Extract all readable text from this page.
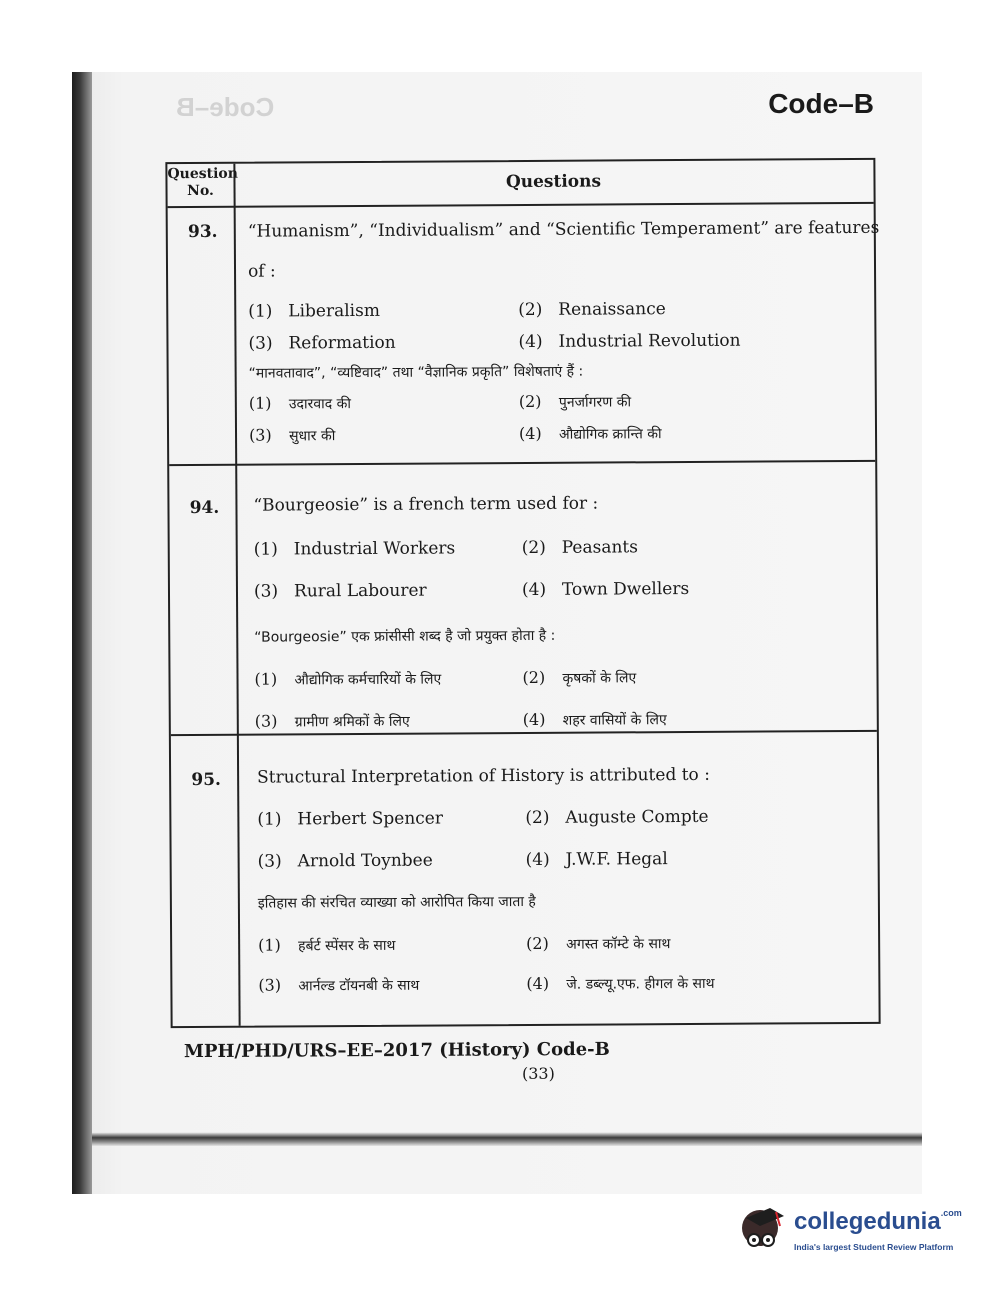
Code–B	Code–B
Question No.	Questions
93.	“Humanism”, “Individualism” and “Scientific Temperament” are features
of :
(1) Liberalism	(2) Renaissance
(3) Reformation	(4) Industrial Revolution
“मानवतावाद”, “व्यष्टिवाद” तथा “वैज्ञानिक प्रकृति” विशेषताएं हैं :
(1) उदारवाद की	(2) पुनर्जागरण की
(3) सुधार की	(4) औद्योगिक क्रान्ति की
94.	“Bourgeosie” is a french term used for :
(1) Industrial Workers	(2) Peasants
(3) Rural Labourer	(4) Town Dwellers
“Bourgeosie” एक फ्रांसीसी शब्द है जो प्रयुक्त होता है :
(1) औद्योगिक कर्मचारियों के लिए	(2) कृषकों के लिए
(3) ग्रामीण श्रमिकों के लिए	(4) शहर वासियों के लिए
95.	Structural Interpretation of History is attributed to :
(1) Herbert Spencer	(2) Auguste Compte
(3) Arnold Toynbee	(4) J.W.F. Hegal
इतिहास की संरचित व्याख्या को आरोपित किया जाता है
(1) हर्बर्ट स्पेंसर के साथ	(2) अगस्त कॉम्टे के साथ
(3) आर्नल्ड टॉयनबी के साथ	(4) जे. डब्ल्यू.एफ. हीगल के साथ
MPH/PHD/URS–EE–2017 (History) Code-B
(33)
collegedunia$^{.com}$
India's largest Student Review Platform
